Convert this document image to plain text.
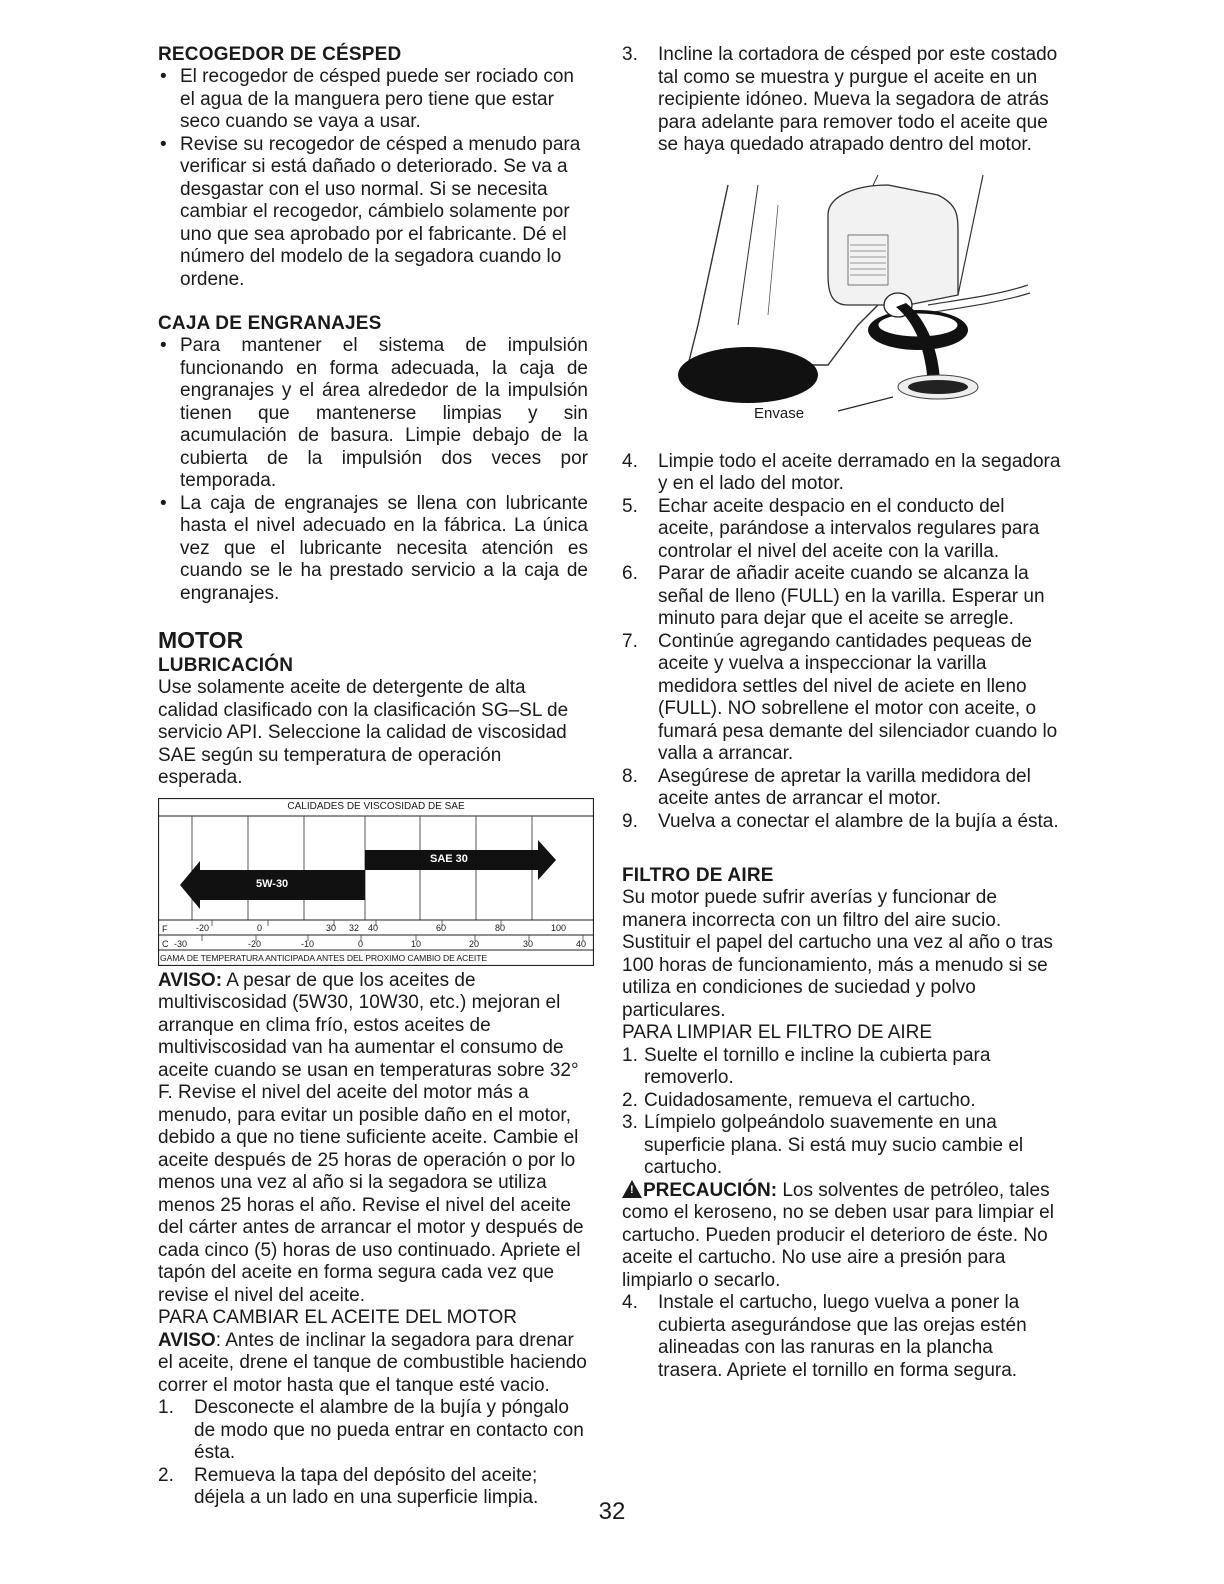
RECOGEDOR DE CÉSPED
• El recogedor de césped puede ser rociado con el agua de la manguera pero tiene que estar seco cuando se vaya a usar.
• Revise su recogedor de césped a menudo para verificar si está dañado o deteriorado. Se va a desgastar con el uso normal. Si se necesita cambiar el recogedor, cámbielo solamente por uno que sea aprobado por el fabricante. Dé el número del modelo de la segadora cuando lo ordene.
CAJA DE ENGRANAJES
• Para mantener el sistema de impulsión funcionando en forma adecuada, la caja de engranajes y el área alrededor de la impulsión tienen que mantenerse limpias y sin acumulación de basura. Limpie debajo de la cubierta de la impulsión dos veces por temporada.
• La caja de engranajes se llena con lubricante hasta el nivel adecuado en la fábrica. La única vez que el lubricante necesita atención es cuando se le ha prestado servicio a la caja de engranajes.
MOTOR
LUBRICACIÓN

Use solamente aceite de detergente de alta calidad clasificado con la clasificación SG–SL de servicio API. Seleccione la calidad de viscosidad SAE según su temperatura de operación esperada.

CALIDADES DE VISCOSIDAD DE SAE
SAE 30
5W-30
F	-20	0	30 32 40	60	80	100
C -30	-20	-10	0	10	20	30	40
GAMA DE TEMPERATURA ANTICIPADA ANTES DEL PROXIMO CAMBIO DE ACEITE

AVISO: A pesar de que los aceites de multiviscosidad (5W30, 10W30, etc.) mejoran el arranque en clima frío, estos aceites de multiviscosidad van ha aumentar el consumo de aceite cuando se usan en temperaturas sobre 32° F. Revise el nivel del aceite del motor más a menudo, para evitar un posible daño en el motor, debido a que no tiene suficiente aceite. Cambie el aceite después de 25 horas de operación o por lo menos una vez al año si la segadora se utiliza menos 25 horas el año. Revise el nivel del aceite del cárter antes de arrancar el motor y después de cada cinco (5) horas de uso continuado. Apriete el tapón del aceite en forma segura cada vez que revise el nivel del aceite.

PARA CAMBIAR EL ACEITE DEL MOTOR

AVISO: Antes de inclinar la segadora para drenar el aceite, drene el tanque de combustible haciendo correr el motor hasta que el tanque esté vacio.

1. Desconecte el alambre de la bujía y póngalo de modo que no pueda entrar en contacto con ésta.
2. Remueva la tapa del depósito del aceite; déjela a un lado en una superficie limpia.
3. Incline la cortadora de césped por este costado tal como se muestra y purgue el aceite en un recipiente idóneo. Mueva la segadora de atrás para adelante para remover todo el aceite que se haya quedado atrapado dentro del motor.
Envase
4. Limpie todo el aceite derramado en la segadora y en el lado del motor.
5. Echar aceite despacio en el conducto del aceite, parándose a intervalos regulares para controlar el nivel del aceite con la varilla.
6. Parar de añadir aceite cuando se alcanza la señal de lleno (FULL) en la varilla. Esperar un minuto para dejar que el aceite se arregle.
7. Continúe agregando cantidades pequeas de aceite y vuelva a inspeccionar la varilla medidora settles del nivel de aciete en lleno (FULL). NO sobrellene el motor con aceite, o fumará pesa demante del silenciador cuando lo valla a arrancar.
8. Asegúrese de apretar la varilla medidora del aceite antes de arrancar el motor.
9. Vuelva a conectar el alambre de la bujía a ésta.
FILTRO DE AIRE

Su motor puede sufrir averías y funcionar de manera incorrecta con un filtro del aire sucio. Sustituir el papel del cartucho una vez al año o tras 100 horas de funcionamiento, más a menudo si se utiliza en condiciones de suciedad y polvo particulares.

PARA LIMPIAR EL FILTRO DE AIRE

1. Suelte el tornillo e incline la cubierta para removerlo.
2. Cuidadosamente, remueva el cartucho.
3. Límpielo golpeándolo suavemente en una superficie plana. Si está muy sucio cambie el cartucho.

!PRECAUCIÓN: Los solventes de petróleo, tales como el keroseno, no se deben usar para limpiar el cartucho. Pueden producir el deterioro de éste. No aceite el cartucho. No use aire a presión para limpiarlo o secarlo.

4. Instale el cartucho, luego vuelva a poner la cubierta asegurándose que las orejas estén alineadas con las ranuras en la plancha trasera. Apriete el tornillo en forma segura.
32
